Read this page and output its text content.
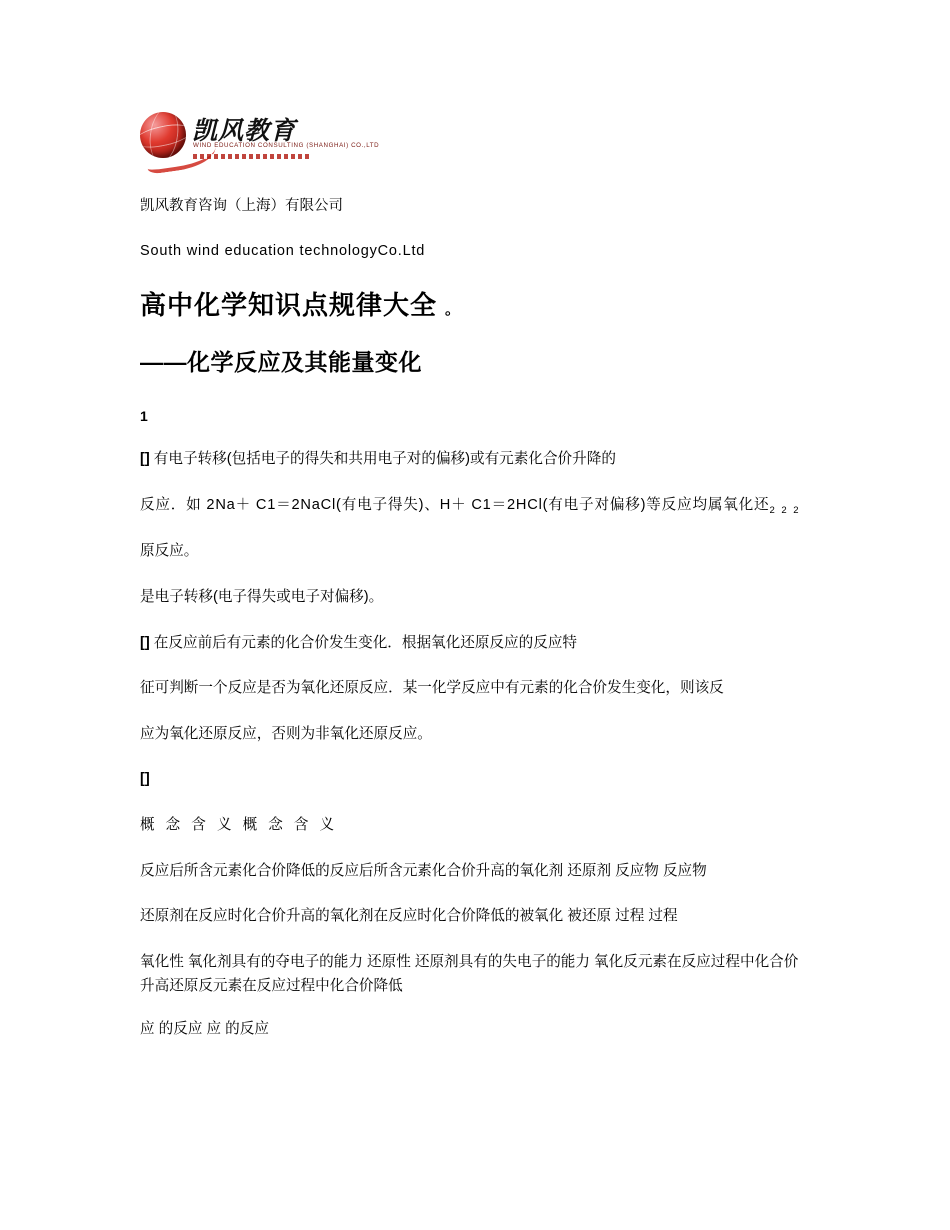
凯风教育
WIND EDUCATION CONSULTING (SHANGHAI) CO.,LTD

凯风教育咨询（上海）有限公司

South wind education technologyCo.Ltd

高中化学知识点规律大全 。
——化学反应及其能量变化
1

[] 有电子转移(包括电子的得失和共用电子对的偏移)或有元素化合价升降的

反应．如 2Na＋ C1＝2NaCl(有电子得失)、H＋ C1＝2HCl(有电子对偏移)等反应均属氧化还$_{2 2 2}$

原反应。

是电子转移(电子得失或电子对偏移)。

[] 在反应前后有元素的化合价发生变化．根据氧化还原反应的反应特

征可判断一个反应是否为氧化还原反应．某一化学反应中有元素的化合价发生变化，则该反

应为氧化还原反应，否则为非氧化还原反应。

[]

概 念 含 义 概 念 含 义

反应后所含元素化合价降低的反应后所含元素化合价升高的氧化剂 还原剂 反应物 反应物

还原剂在反应时化合价升高的氧化剂在反应时化合价降低的被氧化 被还原 过程 过程

氧化性 氧化剂具有的夺电子的能力 还原性 还原剂具有的失电子的能力 氧化反元素在反应过程中化合价升高还原反元素在反应过程中化合价降低

应 的反应 应 的反应
